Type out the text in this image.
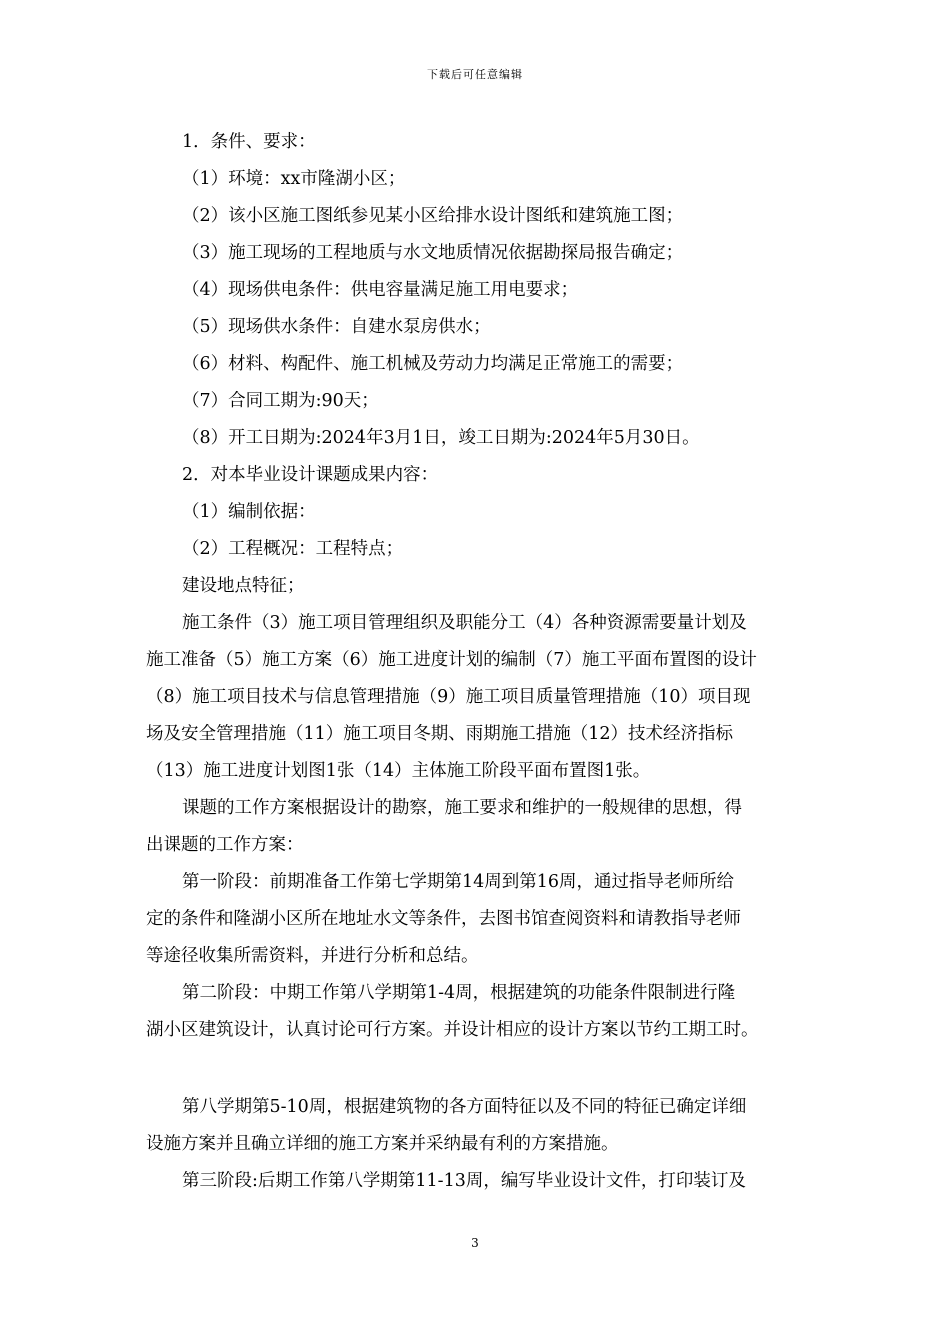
下载后可任意编辑
1．条件、要求：
（1）环境：xx市隆湖小区；
（2）该小区施工图纸参见某小区给排水设计图纸和建筑施工图；
（3）施工现场的工程地质与水文地质情况依据勘探局报告确定；
（4）现场供电条件：供电容量满足施工用电要求；
（5）现场供水条件：自建水泵房供水；
（6）材料、构配件、施工机械及劳动力均满足正常施工的需要；
（7）合同工期为:90天；
（8）开工日期为:2024年3月1日，竣工日期为:2024年5月30日。
2．对本毕业设计课题成果内容：
（1）编制依据：
（2）工程概况：工程特点；
建设地点特征；
施工条件（3）施工项目管理组织及职能分工（4）各种资源需要量计划及
施工准备（5）施工方案（6）施工进度计划的编制（7）施工平面布置图的设计
（8）施工项目技术与信息管理措施（9）施工项目质量管理措施（10）项目现
场及安全管理措施（11）施工项目冬期、雨期施工措施（12）技术经济指标
（13）施工进度计划图1张（14）主体施工阶段平面布置图1张。
课题的工作方案根据设计的勘察，施工要求和维护的一般规律的思想，得
出课题的工作方案：
第一阶段：前期准备工作第七学期第14周到第16周，通过指导老师所给
定的条件和隆湖小区所在地址水文等条件，去图书馆查阅资料和请教指导老师
等途径收集所需资料，并进行分析和总结。
第二阶段：中期工作第八学期第1-4周，根据建筑的功能条件限制进行隆
湖小区建筑设计，认真讨论可行方案。并设计相应的设计方案以节约工期工时。
第八学期第5-10周，根据建筑物的各方面特征以及不同的特征已确定详细
设施方案并且确立详细的施工方案并采纳最有利的方案措施。
第三阶段:后期工作第八学期第11-13周，编写毕业设计文件，打印装订及
3
